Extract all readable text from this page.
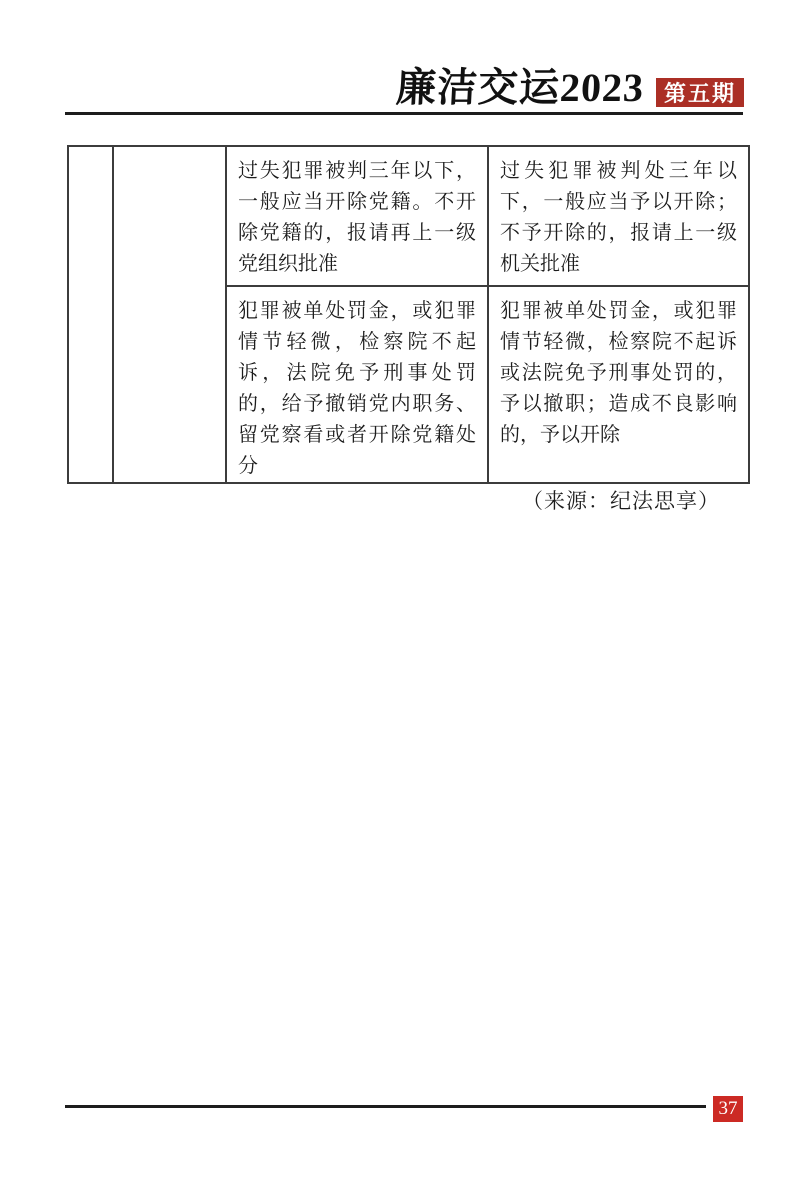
廉洁交运2023 第五期
		过失犯罪被判三年以下，一般应当开除党籍。不开除党籍的，报请再上一级党组织批准	过失犯罪被判处三年以下，一般应当予以开除；不予开除的，报请上一级机关批准
		犯罪被单处罚金，或犯罪情节轻微，检察院不起诉，法院免予刑事处罚的，给予撤销党内职务、留党察看或者开除党籍处分	犯罪被单处罚金，或犯罪情节轻微，检察院不起诉或法院免予刑事处罚的，予以撤职；造成不良影响的，予以开除
（来源：纪法思享）
37
